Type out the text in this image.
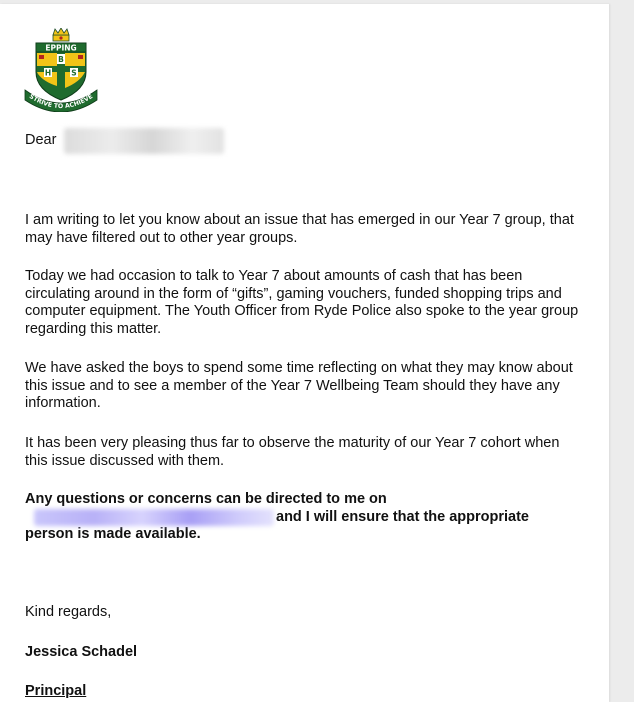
EPPING
B
H	S
STRIVE TO ACHIEVE
Dear

I am writing to let you know about an issue that has emerged in our Year 7 group, that may have filtered out to other year groups.

Today we had occasion to talk to Year 7 about amounts of cash that has been circulating around in the form of “gifts”, gaming vouchers, funded shopping trips and computer equipment. The Youth Officer from Ryde Police also spoke to the year group regarding this matter.

We have asked the boys to spend some time reflecting on what they may know about this issue and to see a member of the Year 7 Wellbeing Team should they have any information.

It has been very pleasing thus far to observe the maturity of our Year 7 cohort when this issue discussed with them.

Any questions or concerns can be directed to me on
and I will ensure that the appropriate
person is made available.
Kind regards,
Jessica Schadel
Principal
